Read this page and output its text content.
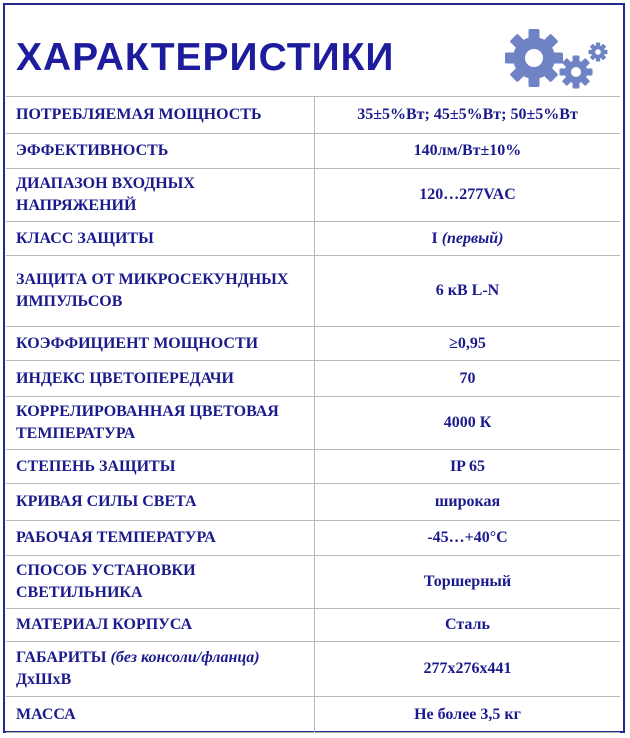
ХАРАКТЕРИСТИКИ
ПОТРЕБЛЯЕМАЯ МОЩНОСТЬ	35±5%Вт; 45±5%Вт; 50±5%Вт
ЭФФЕКТИВНОСТЬ	140лм/Вт±10%
ДИАПАЗОН ВХОДНЫХ НАПРЯЖЕНИЙ	120…277VAC
КЛАСС ЗАЩИТЫ	I (первый)
ЗАЩИТА ОТ МИКРОСЕКУНДНЫХ ИМПУЛЬСОВ	6 кВ L-N
КОЭФФИЦИЕНТ МОЩНОСТИ	≥0,95
ИНДЕКС ЦВЕТОПЕРЕДАЧИ	70
КОРРЕЛИРОВАННАЯ ЦВЕТОВАЯ ТЕМПЕРАТУРА	4000 К
СТЕПЕНЬ ЗАЩИТЫ	IP 65
КРИВАЯ СИЛЫ СВЕТА	широкая
РАБОЧАЯ ТЕМПЕРАТУРА	-45…+40°С
СПОСОБ УСТАНОВКИ СВЕТИЛЬНИКА	Торшерный
МАТЕРИАЛ КОРПУСА	Сталь
ГАБАРИТЫ (без консоли/фланца)
ДхШхВ	277х276х441
МАССА	Не более 3,5 кг
